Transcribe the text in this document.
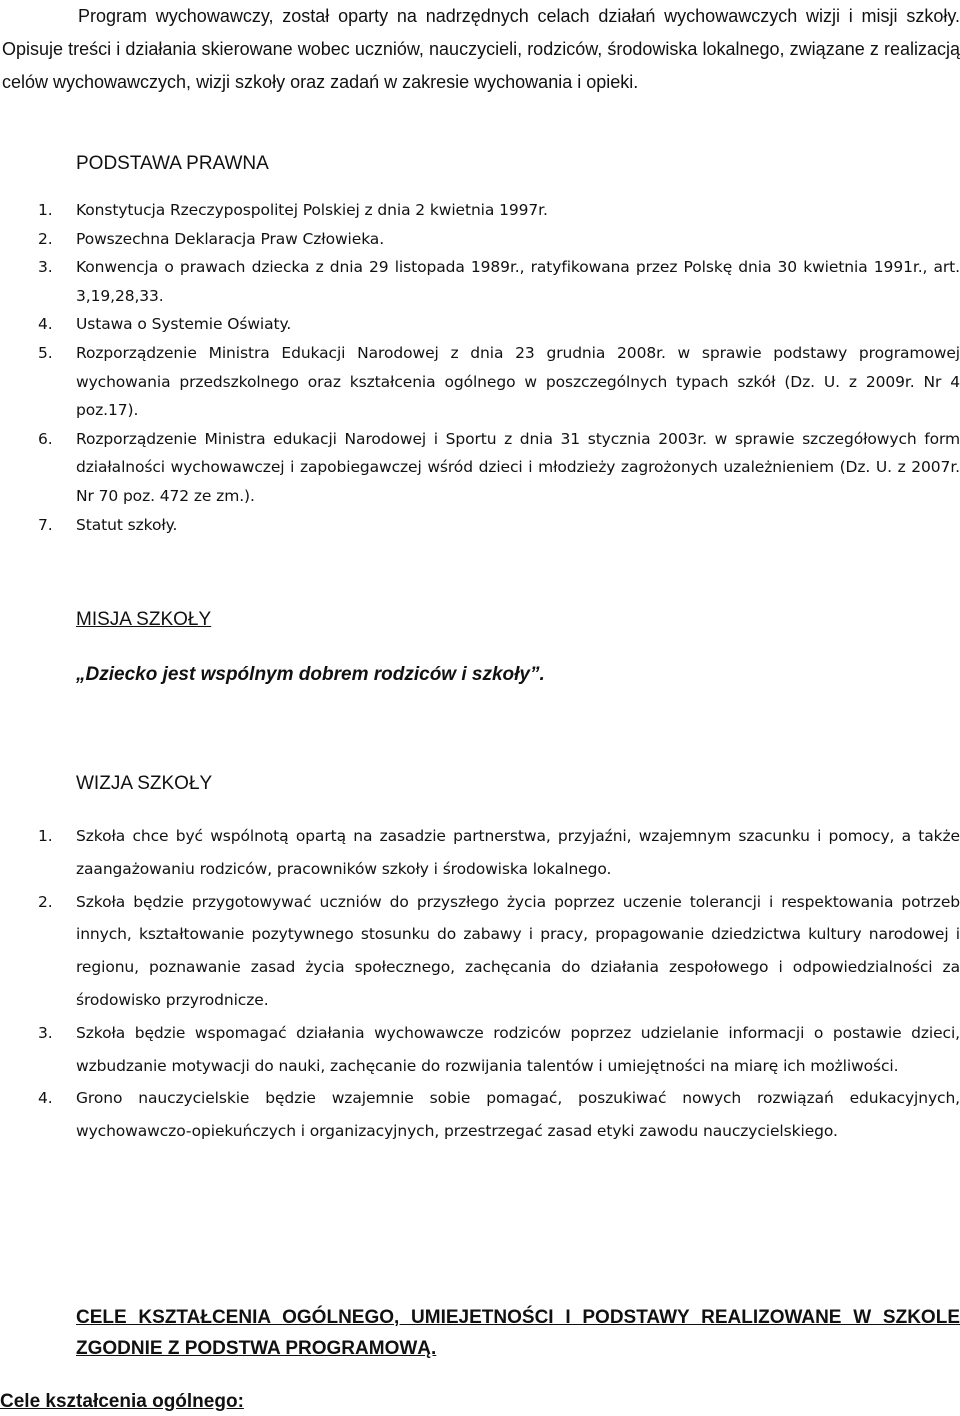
Program wychowawczy, został oparty na nadrzędnych celach działań wychowawczych wizji i misji szkoły. Opisuje treści i działania skierowane wobec uczniów, nauczycieli, rodziców, środowiska lokalnego, związane z realizacją celów wychowawczych, wizji szkoły oraz zadań w zakresie wychowania i opieki.

PODSTAWA PRAWNA
1. Konstytucja Rzeczypospolitej Polskiej z dnia 2 kwietnia 1997r.
2. Powszechna Deklaracja Praw Człowieka.
3. Konwencja o prawach dziecka z dnia 29 listopada 1989r., ratyfikowana przez Polskę dnia 30 kwietnia 1991r., art. 3,19,28,33.
4. Ustawa o Systemie Oświaty.
5. Rozporządzenie Ministra Edukacji Narodowej z dnia 23 grudnia 2008r. w sprawie podstawy programowej wychowania przedszkolnego oraz kształcenia ogólnego w poszczególnych typach szkół (Dz. U. z 2009r. Nr 4 poz.17).
6. Rozporządzenie Ministra edukacji Narodowej i Sportu z dnia 31 stycznia 2003r. w sprawie szczegółowych form działalności wychowawczej i zapobiegawczej wśród dzieci i młodzieży zagrożonych uzależnieniem (Dz. U. z 2007r. Nr 70 poz. 472 ze zm.).
7. Statut szkoły.
MISJA SZKOŁY

„Dziecko jest wspólnym dobrem rodziców i szkoły”.

WIZJA SZKOŁY
1. Szkoła chce być wspólnotą opartą na zasadzie partnerstwa, przyjaźni, wzajemnym szacunku i pomocy, a także zaangażowaniu rodziców, pracowników szkoły i środowiska lokalnego.
2. Szkoła będzie przygotowywać uczniów do przyszłego życia poprzez uczenie tolerancji i respektowania potrzeb innych, kształtowanie pozytywnego stosunku do zabawy i pracy, propagowanie dziedzictwa kultury narodowej i regionu, poznawanie zasad życia społecznego, zachęcania do działania zespołowego i odpowiedzialności za środowisko przyrodnicze.
3. Szkoła będzie wspomagać działania wychowawcze rodziców poprzez udzielanie informacji o postawie dzieci, wzbudzanie motywacji do nauki, zachęcanie do rozwijania talentów i umiejętności na miarę ich możliwości.
4. Grono nauczycielskie będzie wzajemnie sobie pomagać, poszukiwać nowych rozwiązań edukacyjnych, wychowawczo-opiekuńczych i organizacyjnych, przestrzegać zasad etyki zawodu nauczycielskiego.
CELE KSZTAŁCENIA OGÓLNEGO, UMIEJETNOŚCI I PODSTAWY REALIZOWANE W SZKOLE ZGODNIE Z PODSTWA PROGRAMOWĄ.
Cele kształcenia ogólnego:
